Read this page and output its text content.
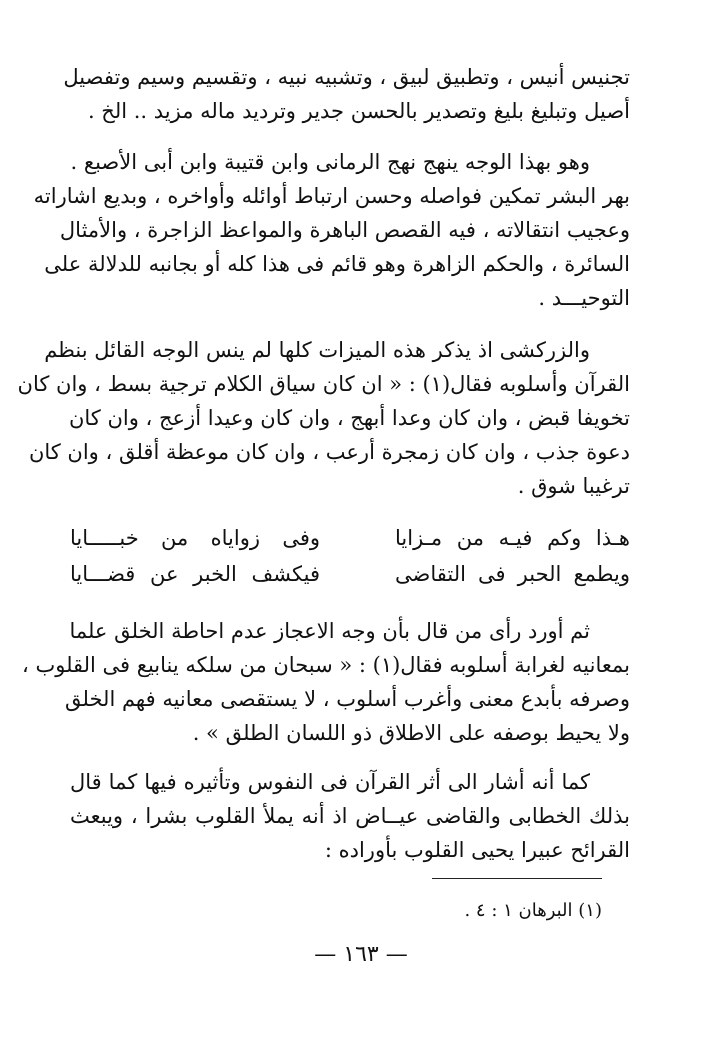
تجنيس أنيس ، وتطبيق لبيق ، وتشبيه نبيه ، وتقسيم وسيم وتفصيل
أصيل وتبليغ بليغ وتصدير بالحسن جدير وترديد ماله مزيد .. الخ .
وهو بهذا الوجه ينهج نهج الرمانى وابن قتيبة وابن أبى الأصبع .
بهر البشر تمكين فواصله وحسن ارتباط أوائله وأواخره ، وبديع اشاراته
وعجيب انتقالاته ، فيه القصص الباهرة والمواعظ الزاجرة ، والأمثال
السائرة ، والحكم الزاهرة وهو قائم فى هذا كله أو بجانبه للدلالة على
التوحيـــد .
والزركشى اذ يذكر هذه الميزات كلها لم ينس الوجه القائل بنظم
القرآن وأسلوبه فقال(١) : « ان كان سياق الكلام ترجية بسط ، وان كان
تخويفا قبض ، وان كان وعدا أبهج ، وان كان وعيدا أزعج ، وان كان
دعوة جذب ، وان كان زمجرة أرعب ، وان كان موعظة أقلق ، وان كان
ترغيبا شوق .
هـذا وكم فيـه من مـزايا
وفى زواياه من خبـــــايا
ويطمع الحبر فى التقاضى
فيكشف الخبر عن قضـــايا
ثم أورد رأى من قال بأن وجه الاعجاز عدم احاطة الخلق علما
بمعانيه لغرابة أسلوبه فقال(١) : « سبحان من سلكه ينابيع فى القلوب ،
وصرفه بأبدع معنى وأغرب أسلوب ، لا يستقصى معانيه فهم الخلق
ولا يحيط بوصفه على الاطلاق ذو اللسان الطلق » .
كما أنه أشار الى أثر القرآن فى النفوس وتأثيره فيها كما قال
بذلك الخطابى والقاضى عيــاض اذ أنه يملأ القلوب بشرا ، ويبعث
القرائح عبيرا يحيى القلوب بأوراده :
(١) البرهان ١ : ٤ .
— ١٦٣ —
